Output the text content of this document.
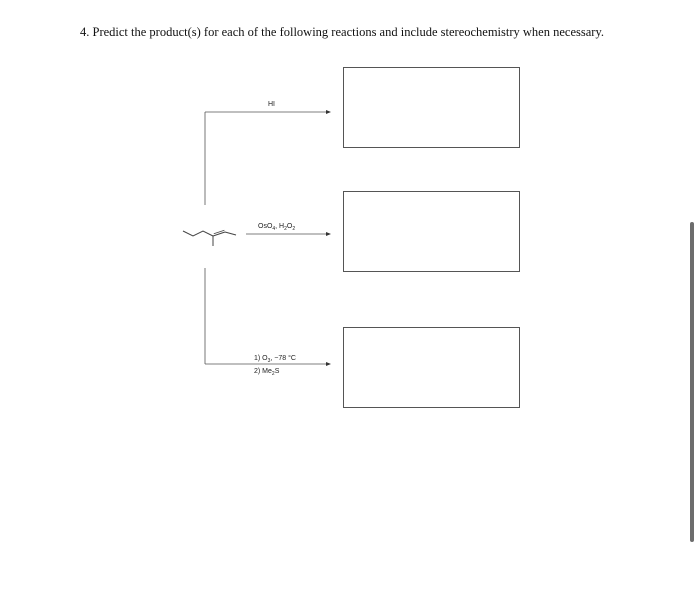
4. Predict the product(s) for each of the following reactions and include stereochemistry when necessary.
HI
OsO$_4$, $H_2O_2$
1) $O_3$, −78 °C
2) $Me_2S$
